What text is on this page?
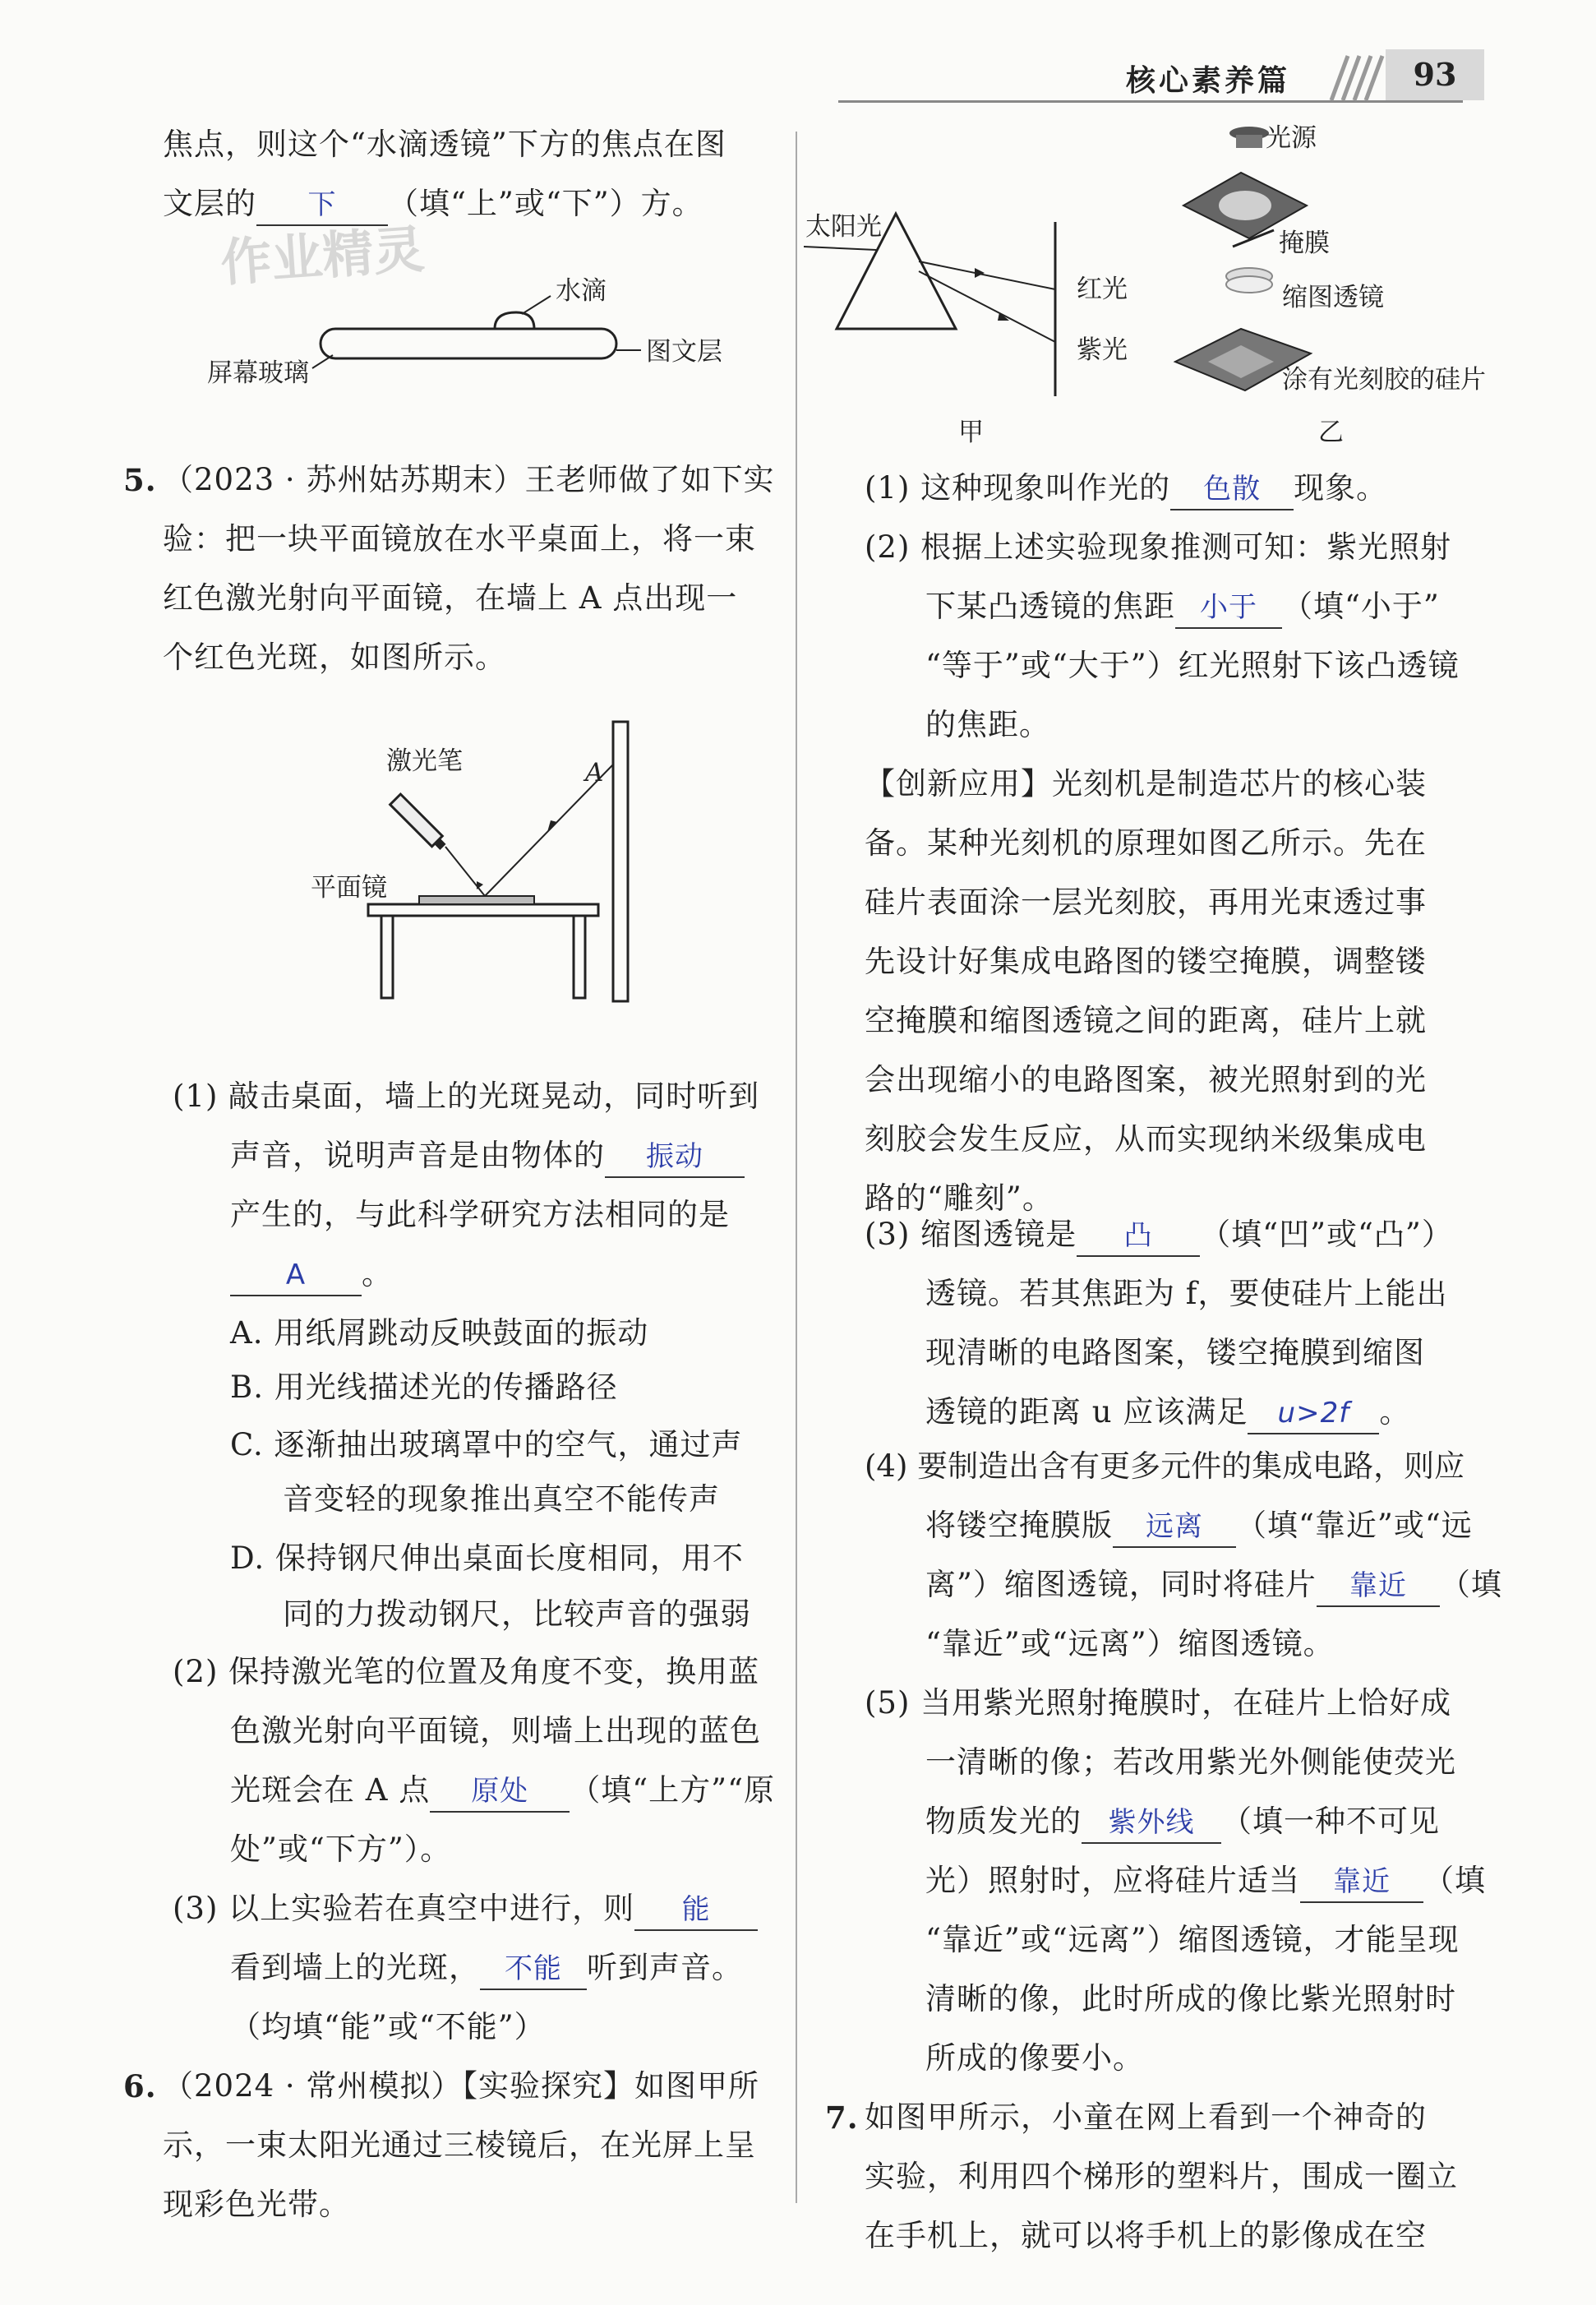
核心素养篇	93
焦点，则这个“水滴透镜”下方的焦点在图
文层的 下 （填“上”或“下”）方。
作业精灵	水滴
图文层
屏幕玻璃
5. （2023 · 苏州姑苏期末）王老师做了如下实
验：把一块平面镜放在水平桌面上，将一束
红色激光射向平面镜，在墙上 A 点出现一
个红色光斑，如图所示。
激光笔	A
平面镜
(1) 敲击桌面，墙上的光斑晃动，同时听到
声音，说明声音是由物体的 振动
产生的，与此科学研究方法相同的是
A 。
A. 用纸屑跳动反映鼓面的振动
B. 用光线描述光的传播路径
C. 逐渐抽出玻璃罩中的空气，通过声
音变轻的现象推出真空不能传声
D. 保持钢尺伸出桌面长度相同，用不
同的力拨动钢尺，比较声音的强弱
(2) 保持激光笔的位置及角度不变，换用蓝
色激光射向平面镜，则墙上出现的蓝色
光斑会在 A 点 原处 （填“上方”“原
处”或“下方”）。
(3) 以上实验若在真空中进行，则 能
看到墙上的光斑， 不能 听到声音。
（均填“能”或“不能”）
6. （2024 · 常州模拟）【实验探究】如图甲所
示，一束太阳光通过三棱镜后，在光屏上呈
现彩色光带。
太阳光
红光
紫光
甲
光源
掩膜
缩图透镜
涂有光刻胶的硅片
乙
(1) 这种现象叫作光的 色散 现象。
(2) 根据上述实验现象推测可知：紫光照射
下某凸透镜的焦距 小于 （填“小于”
“等于”或“大于”）红光照射下该凸透镜
的焦距。
【创新应用】光刻机是制造芯片的核心装
备。某种光刻机的原理如图乙所示。先在
硅片表面涂一层光刻胶，再用光束透过事
先设计好集成电路图的镂空掩膜，调整镂
空掩膜和缩图透镜之间的距离，硅片上就
会出现缩小的电路图案，被光照射到的光
刻胶会发生反应，从而实现纳米级集成电
路的“雕刻”。
(3) 缩图透镜是 凸 （填“凹”或“凸”）
透镜。若其焦距为 f，要使硅片上能出
现清晰的电路图案，镂空掩膜到缩图
透镜的距离 u 应该满足 u>2f 。
(4) 要制造出含有更多元件的集成电路，则应
将镂空掩膜版 远离 （填“靠近”或“远
离”）缩图透镜，同时将硅片 靠近 （填
“靠近”或“远离”）缩图透镜。
(5) 当用紫光照射掩膜时，在硅片上恰好成
一清晰的像；若改用紫光外侧能使荧光
物质发光的 紫外线 （填一种不可见
光）照射时，应将硅片适当 靠近 （填
“靠近”或“远离”）缩图透镜，才能呈现
清晰的像，此时所成的像比紫光照射时
所成的像要小。
7. 如图甲所示，小童在网上看到一个神奇的
实验，利用四个梯形的塑料片，围成一圈立
在手机上，就可以将手机上的影像成在空
